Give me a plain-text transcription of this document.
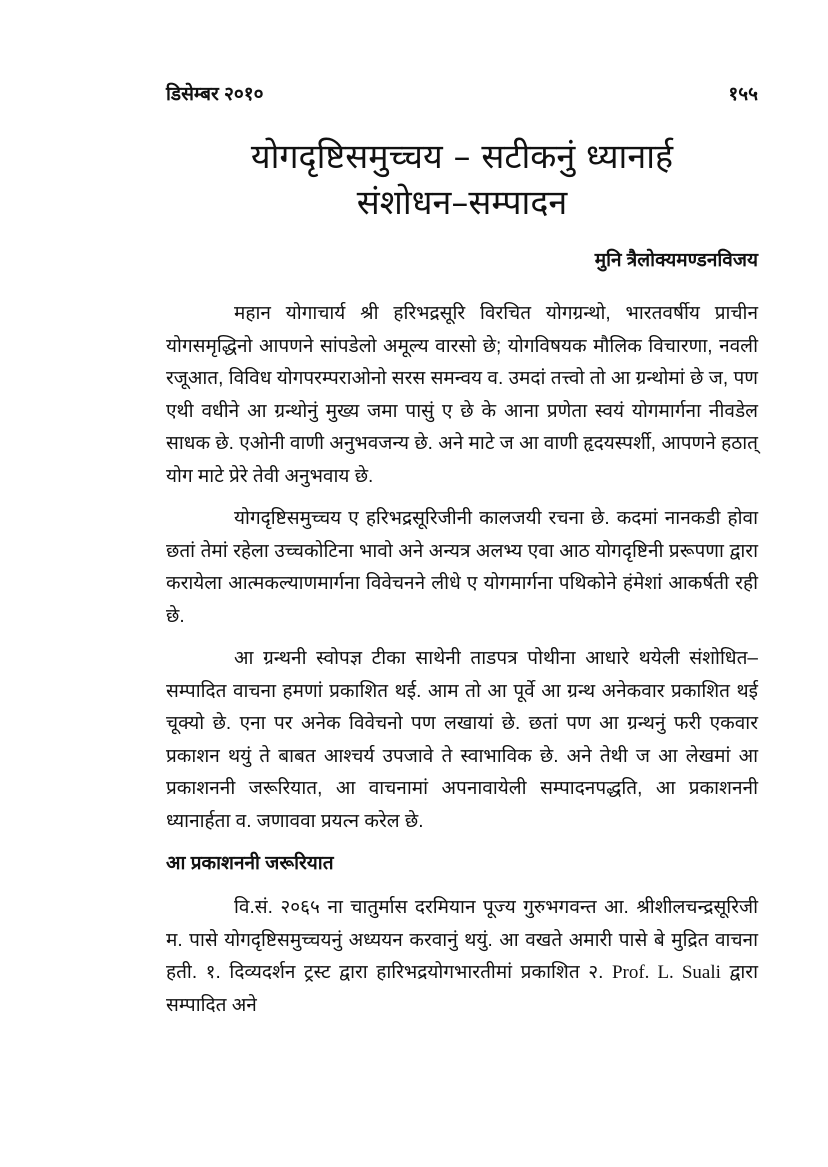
डिसेम्बर २०१०	१५५
योगदृष्टिसमुच्चय – सटीकनुं ध्यानार्ह
संशोधन–सम्पादन
मुनि त्रैलोक्यमण्डनविजय

महान योगाचार्य श्री हरिभद्रसूरि विरचित योगग्रन्थो, भारतवर्षीय प्राचीन योगसमृद्धिनो आपणने सांपडेलो अमूल्य वारसो छे; योगविषयक मौलिक विचारणा, नवली रजूआत, विविध योगपरम्पराओनो सरस समन्वय व. उमदां तत्त्वो तो आ ग्रन्थोमां छे ज, पण एथी वधीने आ ग्रन्थोनुं मुख्य जमा पासुं ए छे के आना प्रणेता स्वयं योगमार्गना नीवडेल साधक छे. एओनी वाणी अनुभवजन्य छे. अने माटे ज आ वाणी हृदयस्पर्शी, आपणने हठात् योग माटे प्रेरे तेवी अनुभवाय छे.

योगदृष्टिसमुच्चय ए हरिभद्रसूरिजीनी कालजयी रचना छे. कदमां नानकडी होवा छतां तेमां रहेला उच्चकोटिना भावो अने अन्यत्र अलभ्य एवा आठ योगदृष्टिनी प्ररूपणा द्वारा करायेला आत्मकल्याणमार्गना विवेचनने लीधे ए योगमार्गना पथिकोने हंमेशां आकर्षती रही छे.

आ ग्रन्थनी स्वोपज्ञ टीका साथेनी ताडपत्र पोथीना आधारे थयेली संशोधित–सम्पादित वाचना हमणां प्रकाशित थई. आम तो आ पूर्वे आ ग्रन्थ अनेकवार प्रकाशित थई चूक्यो छे. एना पर अनेक विवेचनो पण लखायां छे. छतां पण आ ग्रन्थनुं फरी एकवार प्रकाशन थयुं ते बाबत आश्चर्य उपजावे ते स्वाभाविक छे. अने तेथी ज आ लेखमां आ प्रकाशननी जरूरियात, आ वाचनामां अपनावायेली सम्पादनपद्धति, आ प्रकाशननी ध्यानार्हता व. जणाववा प्रयत्न करेल छे.

आ प्रकाशननी जरूरियात

वि.सं. २०६५ ना चातुर्मास दरमियान पूज्य गुरुभगवन्त आ. श्रीशीलचन्द्रसूरिजी म. पासे योगदृष्टिसमुच्चयनुं अध्ययन करवानुं थयुं. आ वखते अमारी पासे बे मुद्रित वाचना हती. १. दिव्यदर्शन ट्रस्ट द्वारा हारिभद्रयोगभारतीमां प्रकाशित २. Prof. L. Suali द्वारा सम्पादित अने
